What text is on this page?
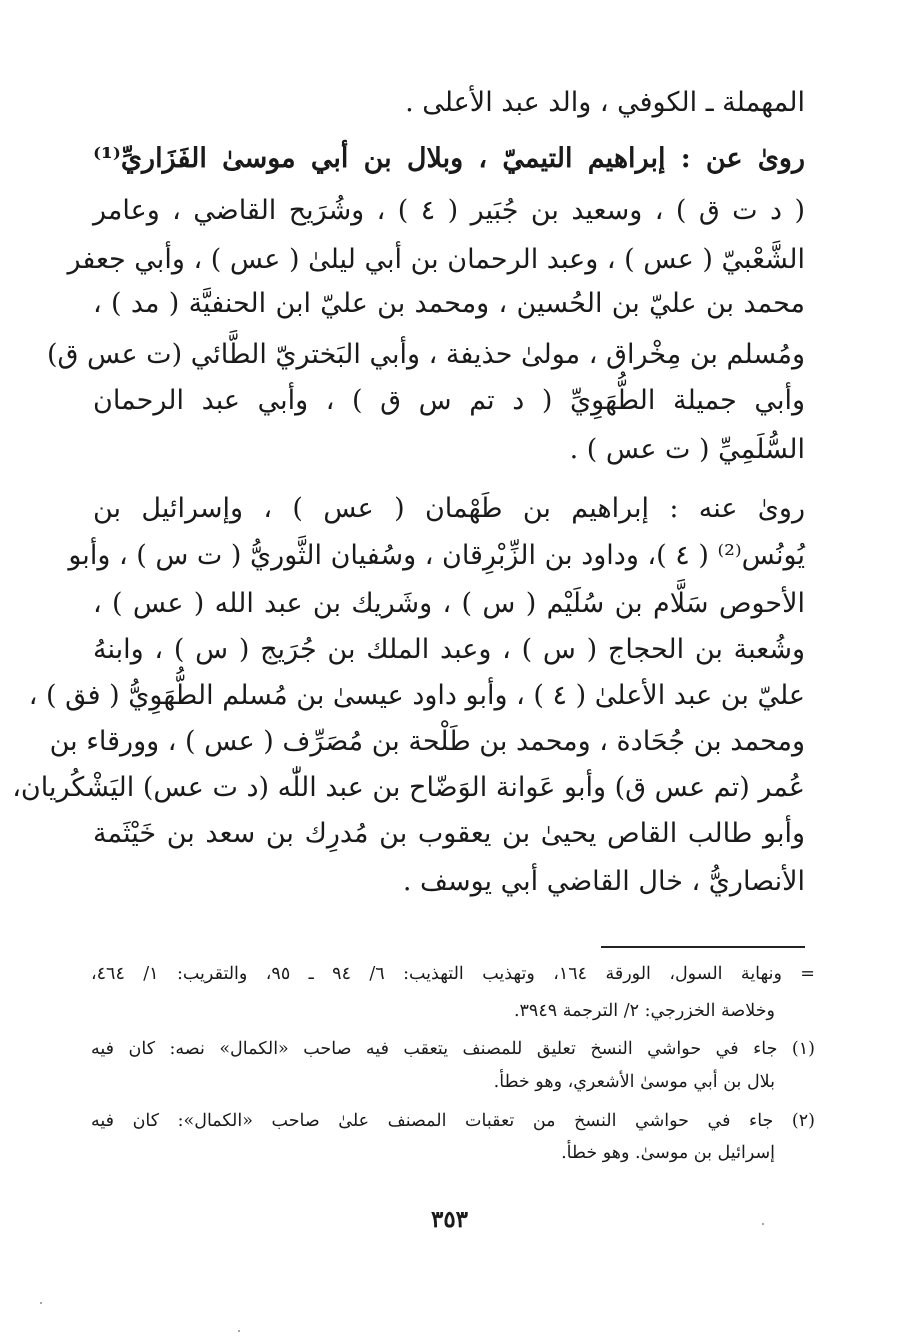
المهملة ـ الكوفي ، والد عبد الأعلى .
روىٰ عن : إبراهيم التيميّ ، وبلال بن أبي موسىٰ الفَزَاريِّ⁽¹⁾
( د ت ق ) ، وسعيد بن جُبَير ( ٤ ) ، وشُرَيح القاضي ، وعامر
الشَّعْبيّ ( عس ) ، وعبد الرحمان بن أبي ليلىٰ ( عس ) ، وأبي جعفر
محمد بن عليّ بن الحُسين ، ومحمد بن عليّ ابن الحنفيَّة ( مد ) ،
ومُسلم بن مِخْراق ، مولىٰ حذيفة ، وأبي البَختريّ الطَّائي (ت عس ق)
وأبي جميلة الطُّهَوِيِّ ( د تم س ق ) ، وأبي عبد الرحمان
السُّلَمِيِّ ( ت عس ) .
روىٰ عنه : إبراهيم بن طَهْمان ( عس ) ، وإسرائيل بن
يُونُس⁽²⁾ ( ٤ )، وداود بن الزِّبْرِقان ، وسُفيان الثَّوريُّ ( ت س ) ، وأبو
الأحوص سَلَّام بن سُلَيْم ( س ) ، وشَريك بن عبد الله ( عس ) ،
وشُعبة بن الحجاج ( س ) ، وعبد الملك بن جُرَيج ( س ) ، وابنهُ
عليّ بن عبد الأعلىٰ ( ٤ ) ، وأبو داود عيسىٰ بن مُسلم الطُّهَوِيُّ ( فق ) ،
ومحمد بن جُحَادة ، ومحمد بن طَلْحة بن مُصَرِّف ( عس ) ، وورقاء بن
عُمر (تم عس ق) وأبو عَوانة الوَضّاح بن عبد اللّٰه (د ت عس) اليَشْكُريان،
وأبو طالب القاص يحيىٰ بن يعقوب بن مُدرِك بن سعد بن خَيْثَمة
الأنصاريُّ ، خال القاضي أبي يوسف .
= ونهاية السول، الورقة ١٦٤، وتهذيب التهذيب: ٦/ ٩٤ ـ ٩٥، والتقريب: ١/ ٤٦٤،
وخلاصة الخزرجي: ٢/ الترجمة ٣٩٤٩.
(١) جاء في حواشي النسخ تعليق للمصنف يتعقب فيه صاحب «الكمال» نصه: كان فيه
بلال بن أبي موسىٰ الأشعري، وهو خطأ.
(٢) جاء في حواشي النسخ من تعقبات المصنف علىٰ صاحب «الكمال»: كان فيه
إسرائيل بن موسىٰ. وهو خطأ.
٣٥٣
